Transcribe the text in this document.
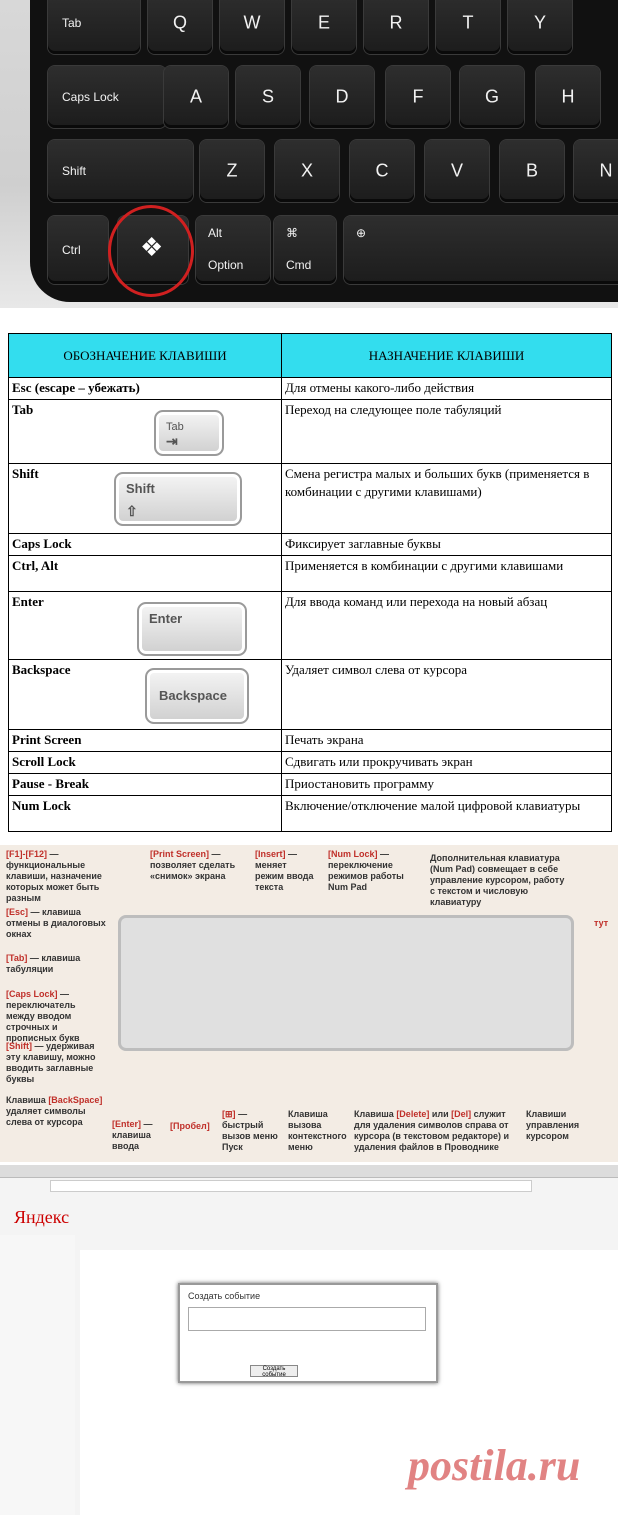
Tab	Q	W	E	R	T	Y
Caps Lock	A	S	D	F	G	H
Shift	Z	X	C	V	B	N
Ctrl
Alt
Option
⌘
Cmd
⊕
❖
ОБОЗНАЧЕНИЕ КЛАВИШИ	НАЗНАЧЕНИЕ КЛАВИШИ
Esc (escape – убежать)	Для отмены какого-либо действия
Tab
Tab
⇥	Переход на следующее поле табуляций
Shift
Shift
⇧	Смена регистра малых и больших букв (применяется в комбинации с другими клавишами)
Caps Lock	Фиксирует заглавные буквы
Ctrl, Alt	Применяется в комбинации с другими клавишами
Enter
Enter	Для ввода команд или перехода на новый абзац
Backspace
Backspace	Удаляет символ слева от курсора
Print Screen	Печать экрана
Scroll Lock	Сдвигать или прокручивать экран
Pause - Break	Приостановить программу
Num Lock	Включение/отключение малой цифровой клавиатуры
[F1]-[F12] — функциональные клавиши, назначение которых может быть разным
[Print Screen] — позволяет сделать «снимок» экрана
[Insert] — меняет режим ввода текста
[Num Lock] — переключение режимов работы Num Pad
Дополнительная клавиатура (Num Pad) совмещает в себе управление курсором, работу с текстом и числовую клавиатуру
тут
[Esc] — клавиша отмены в диалоговых окнах
[Tab] — клавиша табуляции
[Caps Lock] — переключатель между вводом строчных и прописных букв
[Shift] — удерживая эту клавишу, можно вводить заглавные буквы
Клавиша [BackSpace] удаляет символы слева от курсора	[Enter] — клавиша ввода
[Пробел]
[⊞] — быстрый вызов меню Пуск
Клавиша вызова контекстного меню
Клавиша [Delete] или [Del] служит для удаления символов справа от курсора (в текстовом редакторе) и удаления файлов в Проводнике
Клавиши управления курсором
Яндекс
Создать событие
Создать событие
postila.ru
